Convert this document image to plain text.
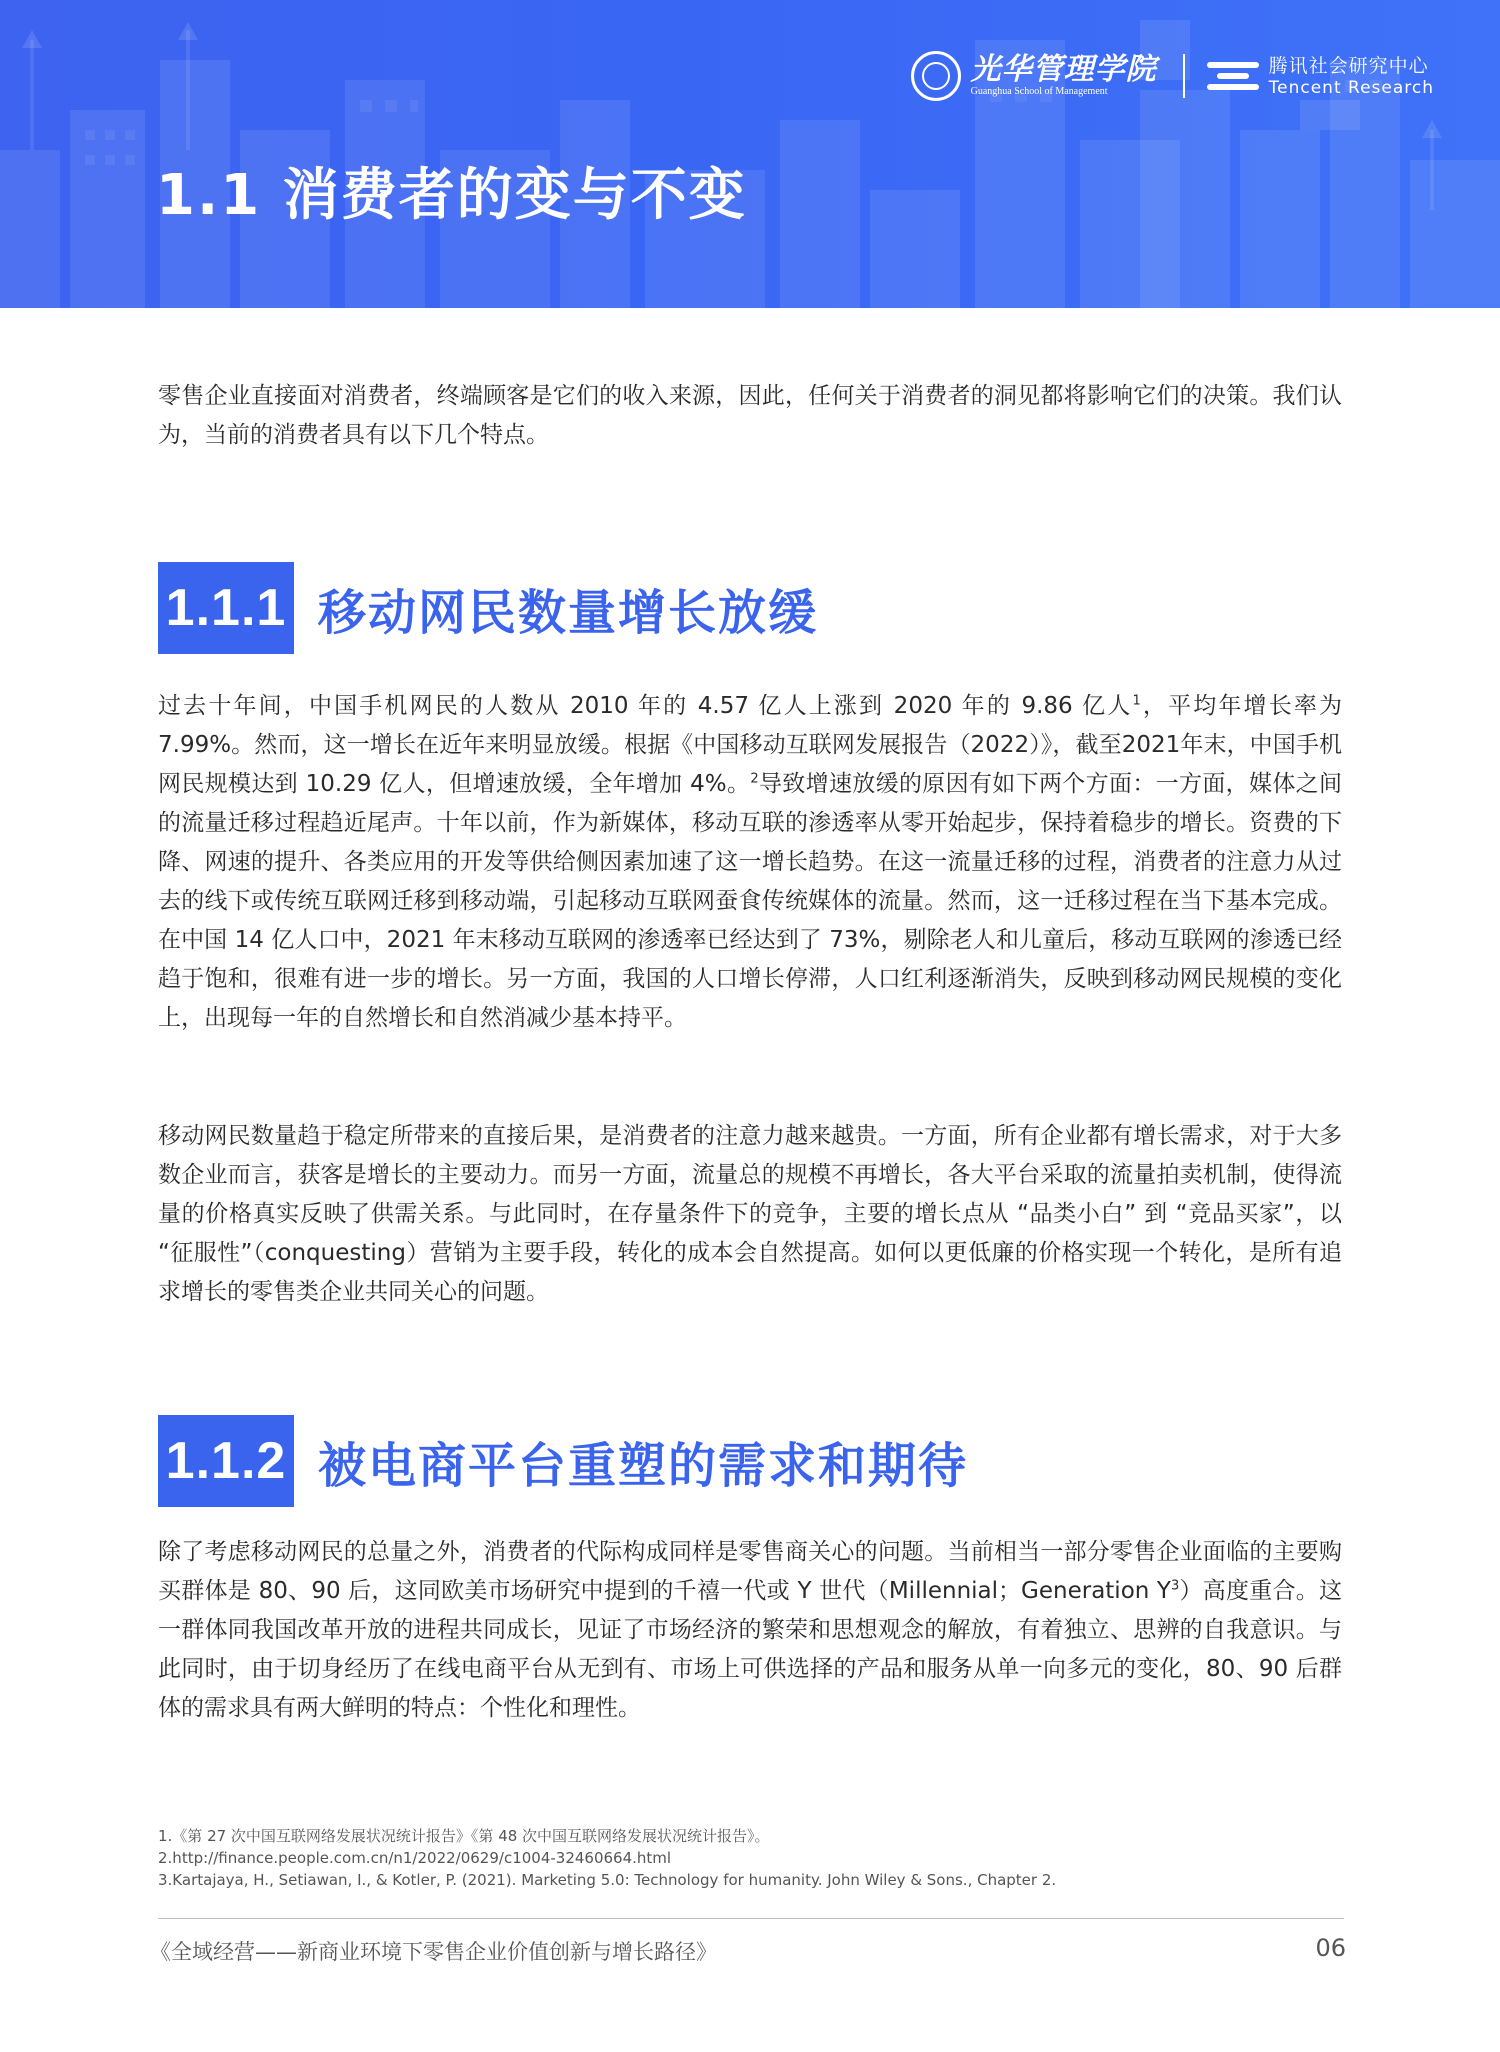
光华管理学院
Guanghua School of Management
腾讯社会研究中心
Tencent Research
1.1 消费者的变与不变

零售企业直接面对消费者，终端顾客是它们的收入来源，因此，任何关于消费者的洞见都将影响它们的决策。我们认为，当前的消费者具有以下几个特点。

1.1.1 移动网民数量增长放缓

过去十年间，中国手机网民的人数从 2010 年的 4.57 亿人上涨到 2020 年的 9.86 亿人$^1$，平均年增长率为 7.99%。然而，这一增长在近年来明显放缓。根据《中国移动互联网发展报告（2022）》，截至2021年末，中国手机网民规模达到 10.29 亿人，但增速放缓，全年增加 4%。$^2$导致增速放缓的原因有如下两个方面：一方面，媒体之间的流量迁移过程趋近尾声。十年以前，作为新媒体，移动互联的渗透率从零开始起步，保持着稳步的增长。资费的下降、网速的提升、各类应用的开发等供给侧因素加速了这一增长趋势。在这一流量迁移的过程，消费者的注意力从过去的线下或传统互联网迁移到移动端，引起移动互联网蚕食传统媒体的流量。然而，这一迁移过程在当下基本完成。在中国 14 亿人口中，2021 年末移动互联网的渗透率已经达到了 73%，剔除老人和儿童后，移动互联网的渗透已经趋于饱和，很难有进一步的增长。另一方面，我国的人口增长停滞，人口红利逐渐消失，反映到移动网民规模的变化上，出现每一年的自然增长和自然消减少基本持平。

移动网民数量趋于稳定所带来的直接后果，是消费者的注意力越来越贵。一方面，所有企业都有增长需求，对于大多数企业而言，获客是增长的主要动力。而另一方面，流量总的规模不再增长，各大平台采取的流量拍卖机制，使得流量的价格真实反映了供需关系。与此同时，在存量条件下的竞争，主要的增长点从 “品类小白” 到 “竞品买家”，以 “征服性”（conquesting）营销为主要手段，转化的成本会自然提高。如何以更低廉的价格实现一个转化，是所有追求增长的零售类企业共同关心的问题。

1.1.2 被电商平台重塑的需求和期待

除了考虑移动网民的总量之外，消费者的代际构成同样是零售商关心的问题。当前相当一部分零售企业面临的主要购买群体是 80、90 后，这同欧美市场研究中提到的千禧一代或 Y 世代（Millennial；Generation $Y^3$）高度重合。这一群体同我国改革开放的进程共同成长，见证了市场经济的繁荣和思想观念的解放，有着独立、思辨的自我意识。与此同时，由于切身经历了在线电商平台从无到有、市场上可供选择的产品和服务从单一向多元的变化，80、90 后群体的需求具有两大鲜明的特点：个性化和理性。

1.《第 27 次中国互联网络发展状况统计报告》《第 48 次中国互联网络发展状况统计报告》。
2.http://finance.people.com.cn/n1/2022/0629/c1004-32460664.html
3.Kartajaya, H., Setiawan, I., & Kotler, P. (2021). Marketing 5.0: Technology for humanity. John Wiley & Sons., Chapter 2.
《全域经营——新商业环境下零售企业价值创新与增长路径》	06
